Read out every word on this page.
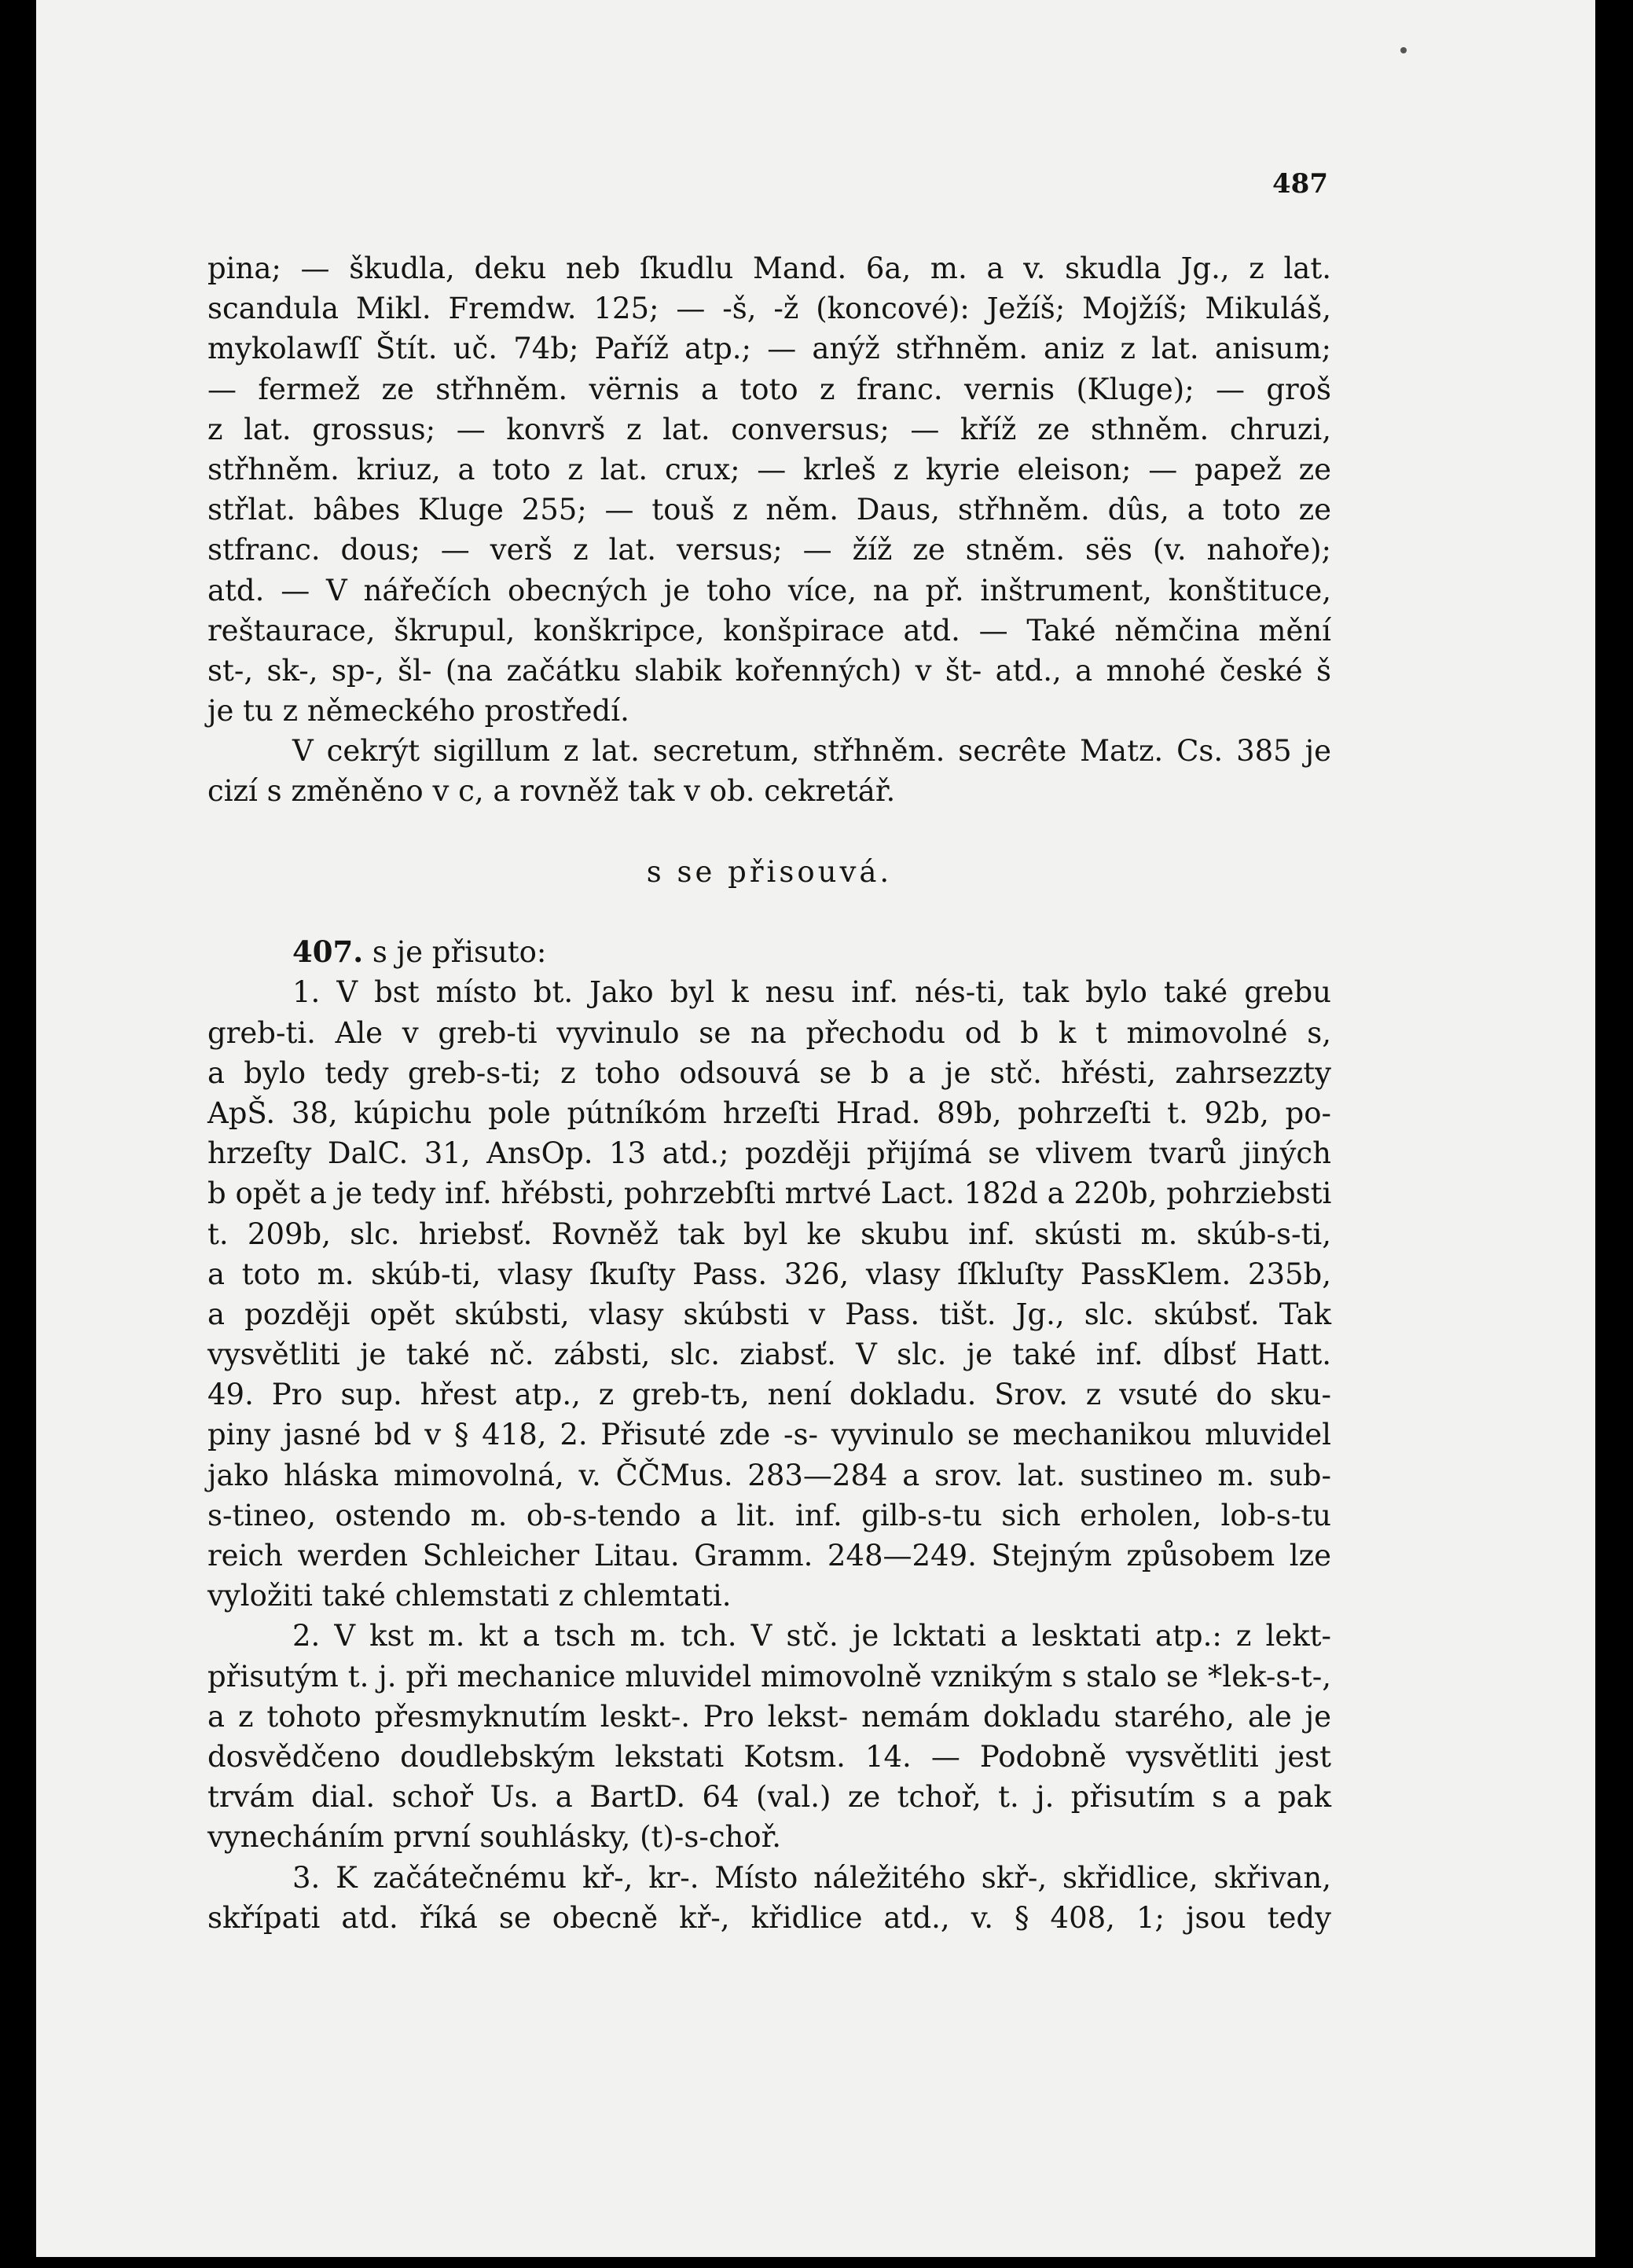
487
pina; — škudla, deku neb ſkudlu Mand. 6a, m. a v. skudla Jg., z lat.
scandula Mikl. Fremdw. 125; — -š, -ž (koncové): Ježíš; Mojžíš; Mikuláš,
mykolawſſ Štít. uč. 74b; Paříž atp.; — anýž střhněm. aniz z lat. anisum;
— fermež ze střhněm. vërnis a toto z franc. vernis (Kluge); — groš
z lat. grossus; — konvrš z lat. conversus; — kříž ze sthněm. chruzi,
střhněm. kriuz, a toto z lat. crux; — krleš z kyrie eleison; — papež ze
střlat. bâbes Kluge 255; — touš z něm. Daus, střhněm. dûs, a toto ze
stfranc. dous; — verš z lat. versus; — žíž ze stněm. sës (v. nahoře);
atd. — V nářečích obecných je toho více, na př. inštrument, konštituce,
reštaurace, škrupul, konškripce, konšpirace atd. — Také němčina mění
st-, sk-, sp-, šl- (na začátku slabik kořenných) v št- atd., a mnohé české š
je tu z německého prostředí.
V cekrýt sigillum z lat. secretum, střhněm. secrête Matz. Cs. 385 je
cizí s změněno v c, a rovněž tak v ob. cekretář.
s se přisouvá.
407. s je přisuto:
1. V bst místo bt. Jako byl k nesu inf. nés-ti, tak bylo také grebu
greb-ti. Ale v greb-ti vyvinulo se na přechodu od b k t mimovolné s,
a bylo tedy greb-s-ti; z toho odsouvá se b a je stč. hřésti, zahrsezzty
ApŠ. 38, kúpichu pole pútníkóm hrzeſti Hrad. 89b, pohrzeſti t. 92b, po-
hrzeſty DalC. 31, AnsOp. 13 atd.; později přijímá se vlivem tvarů jiných
b opět a je tedy inf. hřébsti, pohrzebſti mrtvé Lact. 182d a 220b, pohrziebsti
t. 209b, slc. hriebsť. Rovněž tak byl ke skubu inf. skústi m. skúb-s-ti,
a toto m. skúb-ti, vlasy ſkuſty Pass. 326, vlasy ſſkluſty PassKlem. 235b,
a později opět skúbsti, vlasy skúbsti v Pass. tišt. Jg., slc. skúbsť. Tak
vysvětliti je také nč. zábsti, slc. ziabsť. V slc. je také inf. dĺbsť Hatt.
49. Pro sup. hřest atp., z greb-tъ, není dokladu. Srov. z vsuté do sku-
piny jasné bd v § 418, 2. Přisuté zde -s- vyvinulo se mechanikou mluvidel
jako hláska mimovolná, v. ČČMus. 283—284 a srov. lat. sustineo m. sub-
s-tineo, ostendo m. ob-s-tendo a lit. inf. gilb-s-tu sich erholen, lob-s-tu
reich werden Schleicher Litau. Gramm. 248—249. Stejným způsobem lze
vyložiti také chlemstati z chlemtati.
2. V kst m. kt a tsch m. tch. V stč. je lcktati a lesktati atp.: z lekt-
přisutým t. j. při mechanice mluvidel mimovolně vznikým s stalo se *lek-s-t-,
a z tohoto přesmyknutím leskt-. Pro lekst- nemám dokladu starého, ale je
dosvědčeno doudlebským lekstati Kotsm. 14. — Podobně vysvětliti jest
trvám dial. schoř Us. a BartD. 64 (val.) ze tchoř, t. j. přisutím s a pak
vynecháním první souhlásky, (t)-s-choř.
3. K začátečnému kř-, kr-. Místo náležitého skř-, skřidlice, skřivan,
skřípati atd. říká se obecně kř-, křidlice atd., v. § 408, 1; jsou tedy
